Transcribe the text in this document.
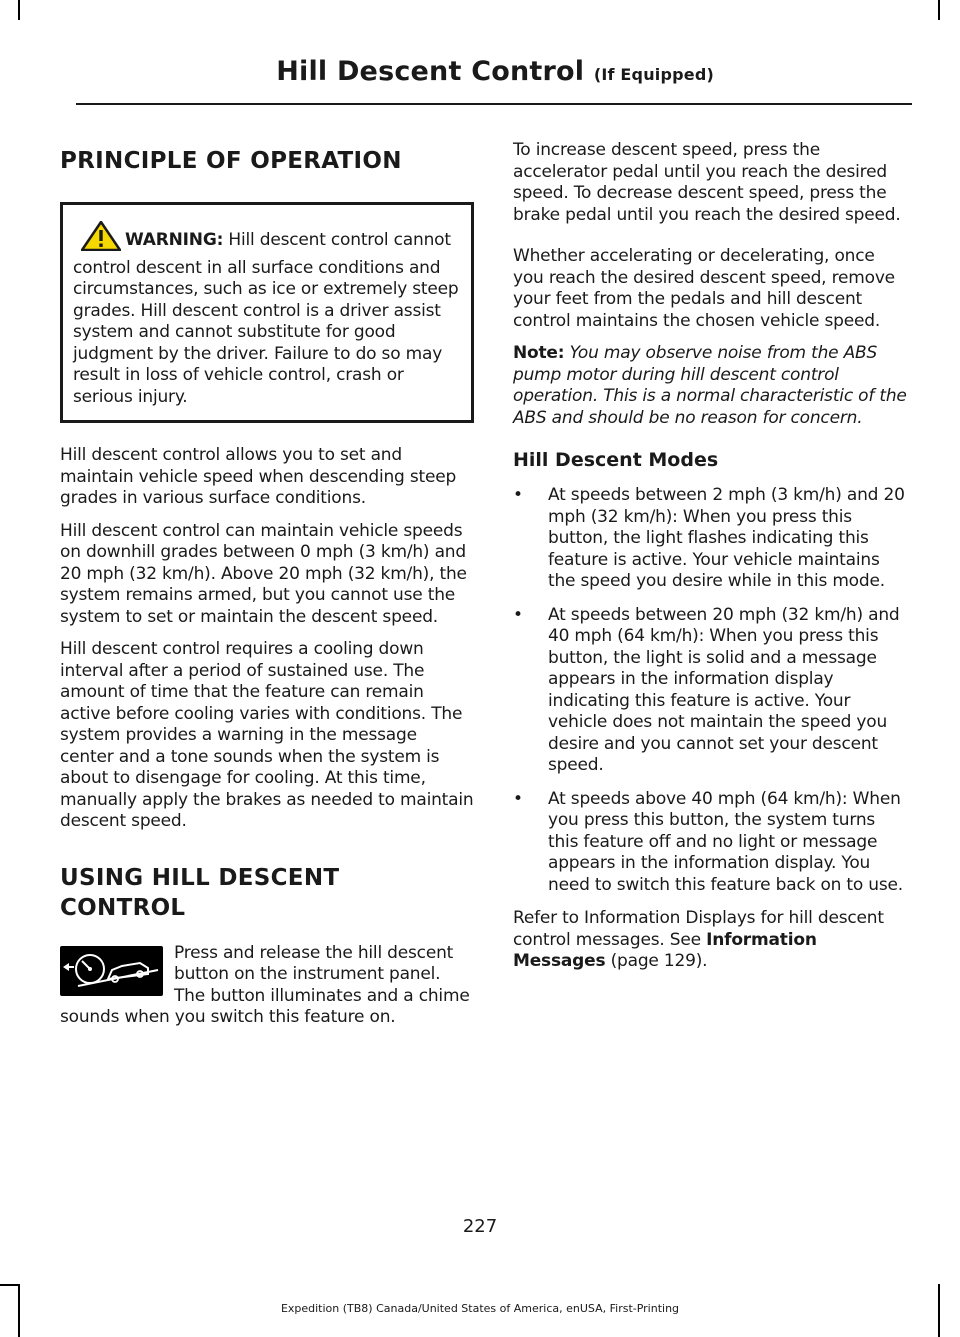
Hill Descent Control (If Equipped)
PRINCIPLE OF OPERATION

WARNING: Hill descent control cannot control descent in all surface conditions and circumstances, such as ice or extremely steep grades. Hill descent control is a driver assist system and cannot substitute for good judgment by the driver. Failure to do so may result in loss of vehicle control, crash or serious injury.

Hill descent control allows you to set and maintain vehicle speed when descending steep grades in various surface conditions.

Hill descent control can maintain vehicle speeds on downhill grades between 0 mph (3 km/h) and 20 mph (32 km/h). Above 20 mph (32 km/h), the system remains armed, but you cannot use the system to set or maintain the descent speed.

Hill descent control requires a cooling down interval after a period of sustained use. The amount of time that the feature can remain active before cooling varies with conditions. The system provides a warning in the message center and a tone sounds when the system is about to disengage for cooling. At this time, manually apply the brakes as needed to maintain descent speed.

USING HILL DESCENT
CONTROL

Press and release the hill descent button on the instrument panel. The button illuminates and a chime sounds when you switch this feature on.

To increase descent speed, press the accelerator pedal until you reach the desired speed. To decrease descent speed, press the brake pedal until you reach the desired speed.

Whether accelerating or decelerating, once you reach the desired descent speed, remove your feet from the pedals and hill descent control maintains the chosen vehicle speed.

Note: You may observe noise from the ABS pump motor during hill descent control operation. This is a normal characteristic of the ABS and should be no reason for concern.

Hill Descent Modes
• At speeds between 2 mph (3 km/h) and 20 mph (32 km/h): When you press this button, the light flashes indicating this feature is active. Your vehicle maintains the speed you desire while in this mode.
• At speeds between 20 mph (32 km/h) and 40 mph (64 km/h): When you press this button, the light is solid and a message appears in the information display indicating this feature is active. Your vehicle does not maintain the speed you desire and you cannot set your descent speed.
• At speeds above 40 mph (64 km/h): When you press this button, the system turns this feature off and no light or message appears in the information display. You need to switch this feature back on to use.

Refer to Information Displays for hill descent control messages. See Information Messages (page 129).

227
Expedition (TB8) Canada/United States of America, enUSA, First-Printing
